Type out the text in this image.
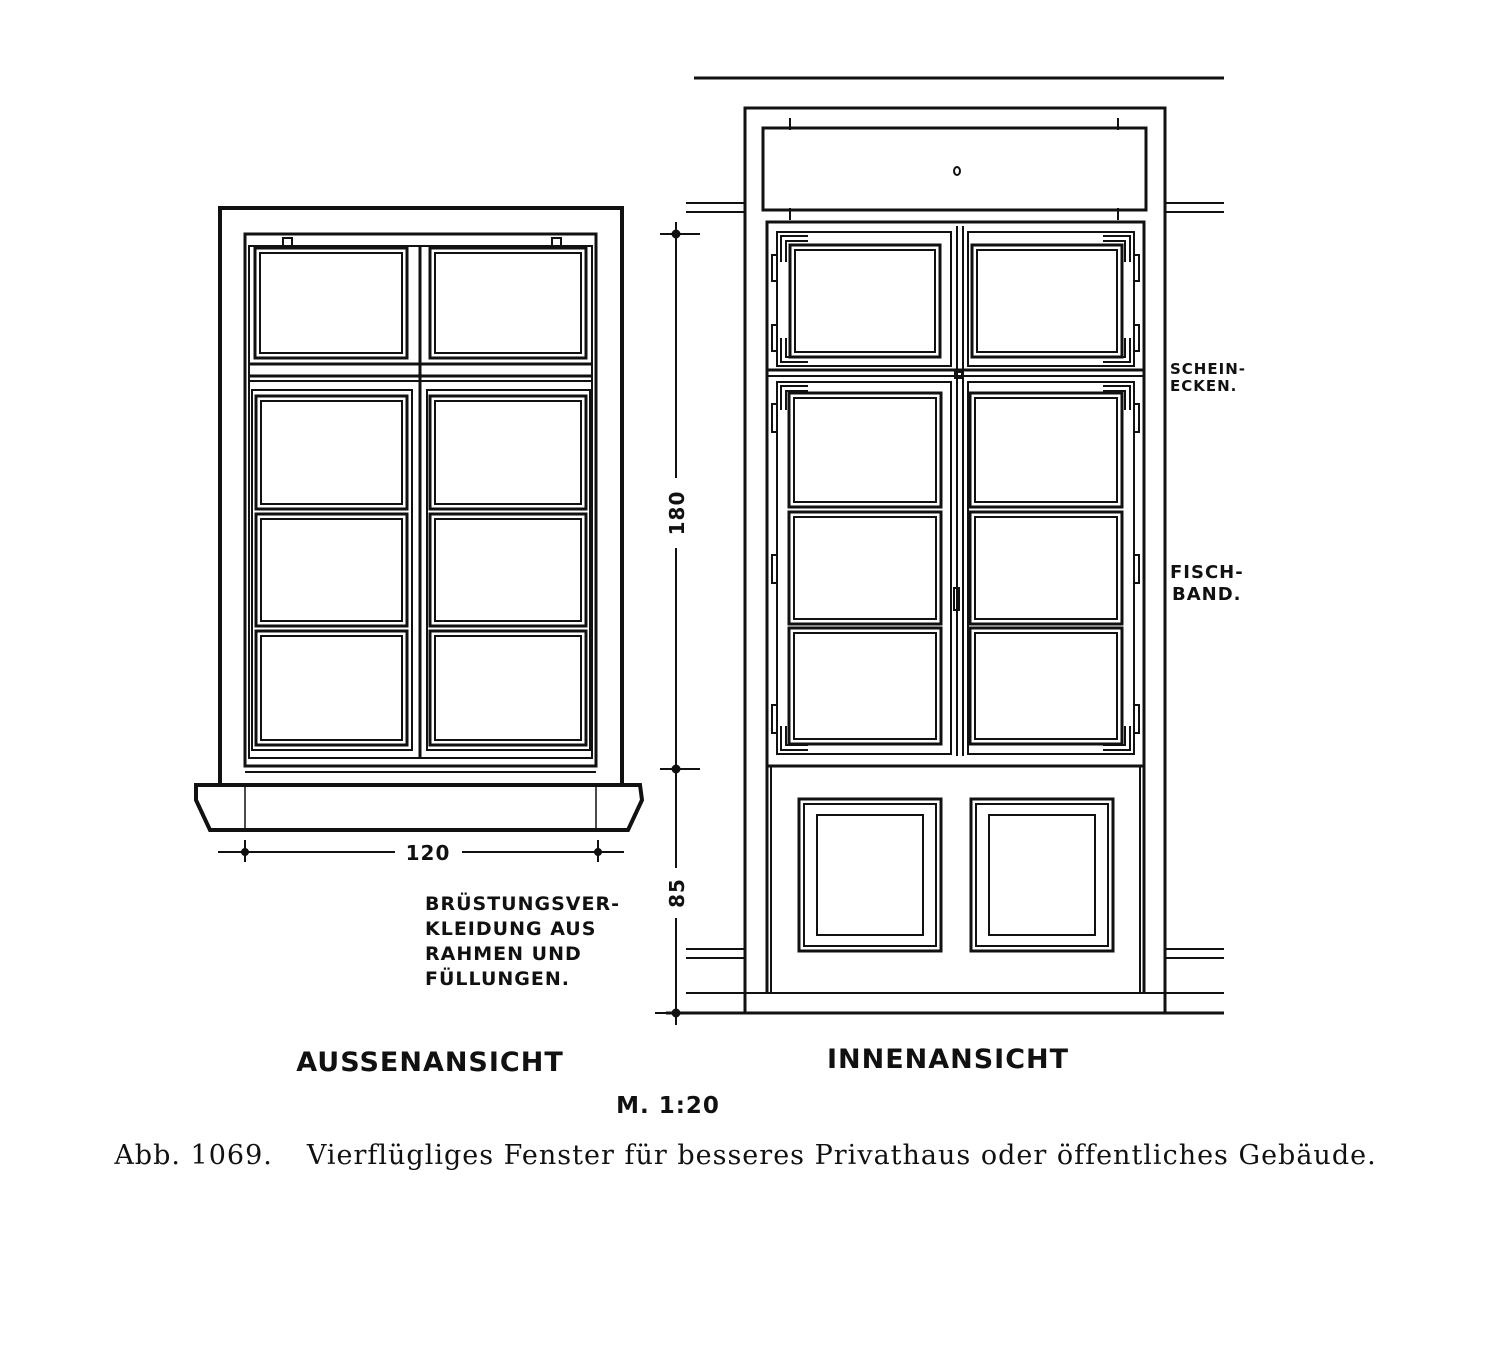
120
180
85
SCHEIN-
ECKEN.
FISCH-
BAND.
BRÜSTUNGSVER-
KLEIDUNG AUS
RAHMEN UND
FÜLLUNGEN.
AUSSENANSICHT	INNENANSICHT
M. 1:20
Abb. 1069. Vierflügliges Fenster für besseres Privathaus oder öffentliches Gebäude.
